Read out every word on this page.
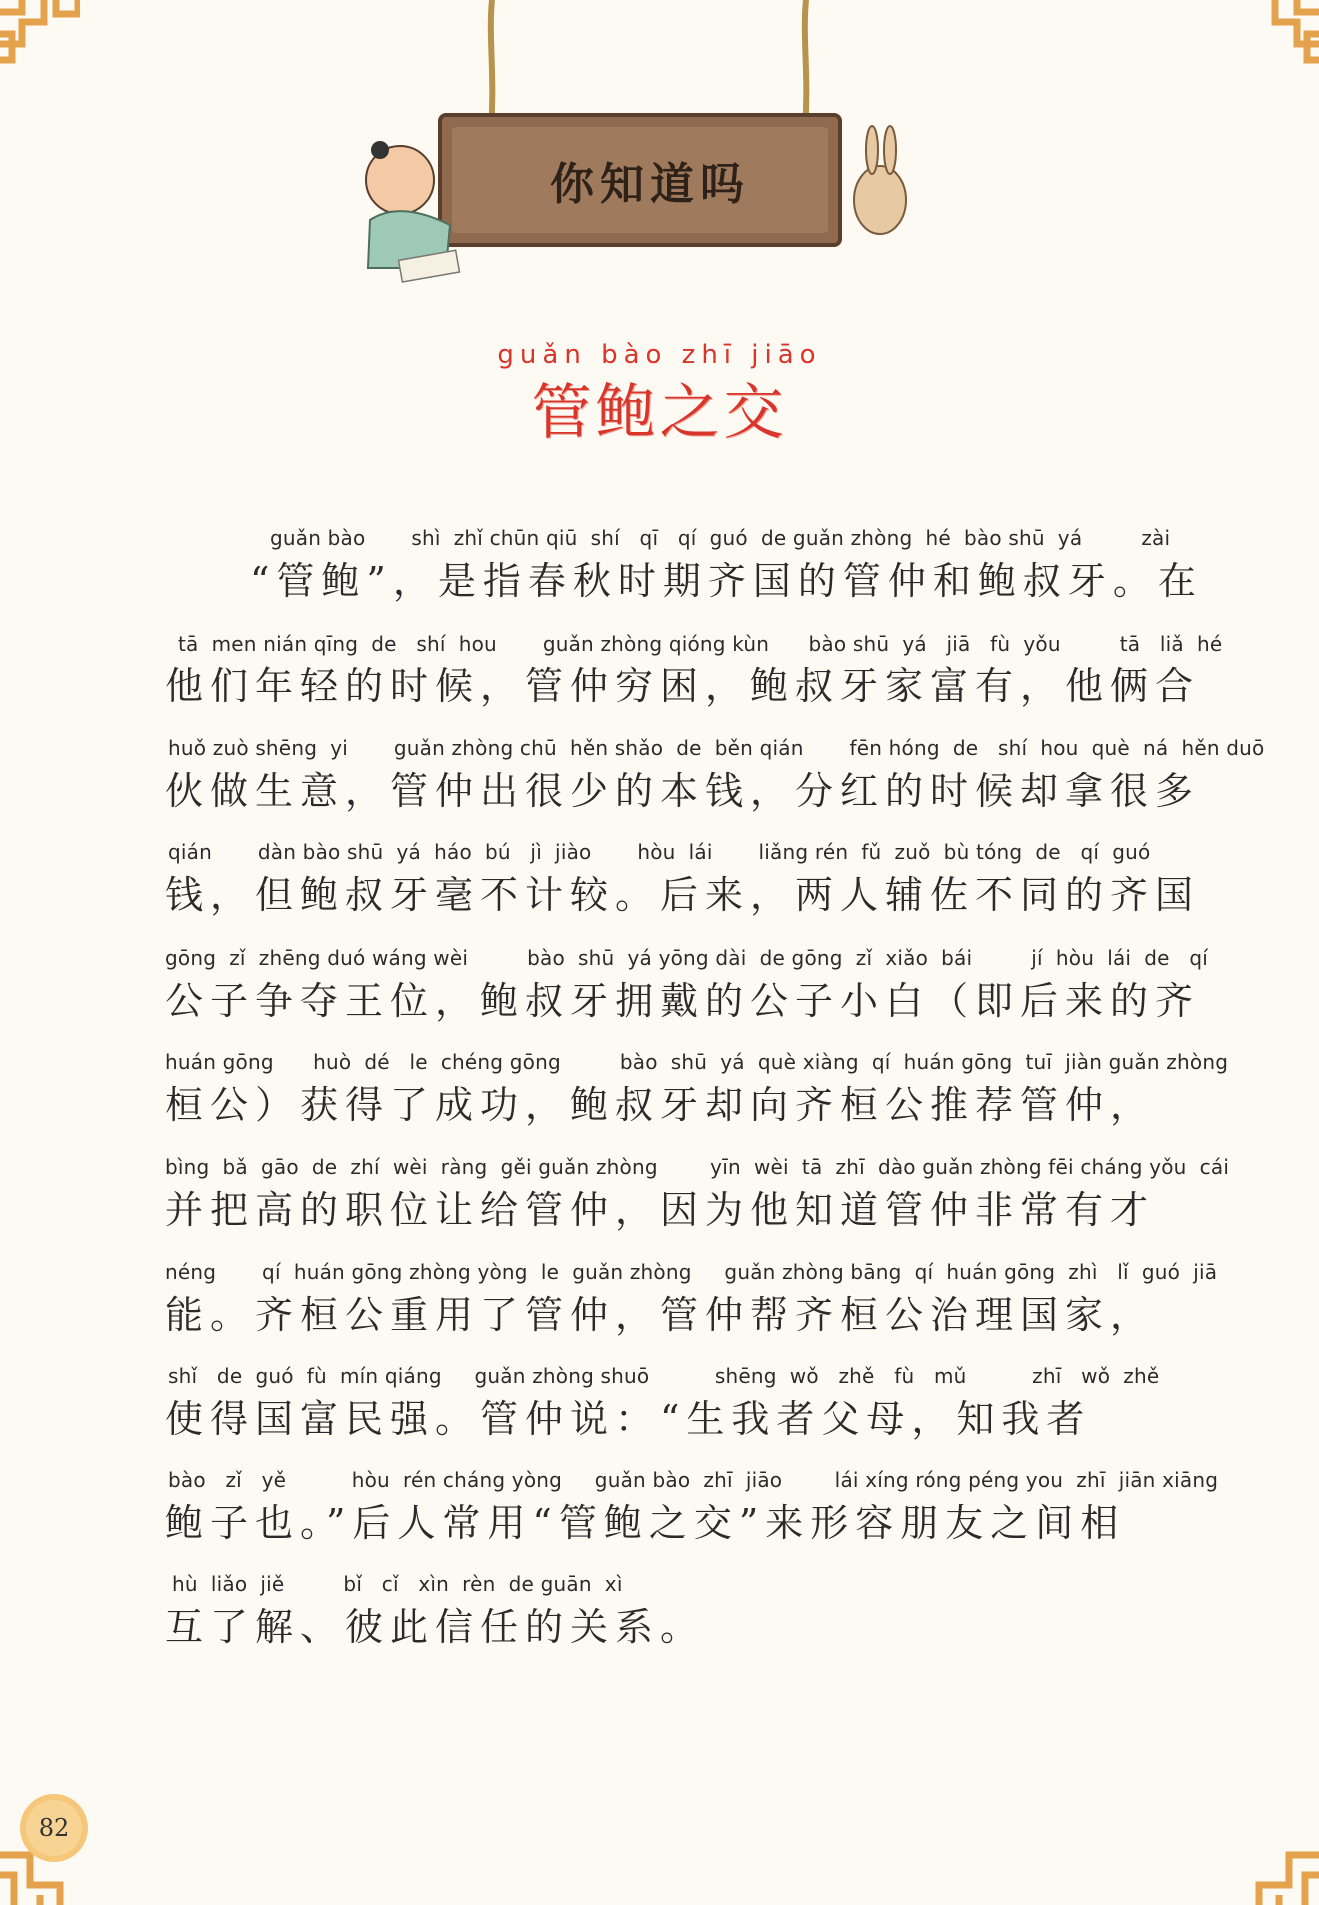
你知道吗
guǎn bào zhī jiāo
管鲍之交
guǎn bào       shì  zhǐ chūn qiū  shí   qī   qí  guó  de guǎn zhòng  hé  bào shū  yá         zài
“管鲍”，是指春秋时期齐国的管仲和鲍叔牙。在
tā  men nián qīng  de   shí  hou       guǎn zhòng qióng kùn      bào shū  yá   jiā   fù  yǒu         tā   liǎ  hé
他们年轻的时候，管仲穷困，鲍叔牙家富有，他俩合
huǒ zuò shēng  yi       guǎn zhòng chū  hěn shǎo  de  běn qián       fēn hóng  de   shí  hou  què  ná  hěn duō
伙做生意，管仲出很少的本钱，分红的时候却拿很多
qián       dàn bào shū  yá  háo  bú   jì  jiào       hòu  lái       liǎng rén  fǔ  zuǒ  bù tóng  de   qí  guó
钱，但鲍叔牙毫不计较。后来，两人辅佐不同的齐国
gōng  zǐ  zhēng duó wáng wèi         bào  shū  yá yōng dài  de gōng  zǐ  xiǎo  bái         jí  hòu  lái  de   qí
公子争夺王位，鲍叔牙拥戴的公子小白（即后来的齐
huán gōng      huò  dé   le  chéng gōng         bào  shū  yá  què xiàng  qí  huán gōng  tuī  jiàn guǎn zhòng
桓公）获得了成功，鲍叔牙却向齐桓公推荐管仲，
bìng  bǎ  gāo  de  zhí  wèi  ràng  gěi guǎn zhòng        yīn  wèi  tā  zhī  dào guǎn zhòng fēi cháng yǒu  cái
并把高的职位让给管仲，因为他知道管仲非常有才
néng       qí  huán gōng zhòng yòng  le  guǎn zhòng     guǎn zhòng bāng  qí  huán gōng  zhì   lǐ  guó  jiā
能。齐桓公重用了管仲，管仲帮齐桓公治理国家，
shǐ   de  guó  fù  mín qiáng     guǎn zhòng shuō          shēng  wǒ   zhě   fù   mǔ          zhī   wǒ  zhě
使得国富民强。管仲说：“生我者父母，知我者
bào   zǐ   yě          hòu  rén cháng yòng     guǎn bào  zhī  jiāo        lái xíng róng péng you  zhī  jiān xiāng
鲍子也。”后人常用“管鲍之交”来形容朋友之间相
hù  liǎo  jiě         bǐ   cǐ   xìn  rèn  de guān  xì
互了解、彼此信任的关系。
82
